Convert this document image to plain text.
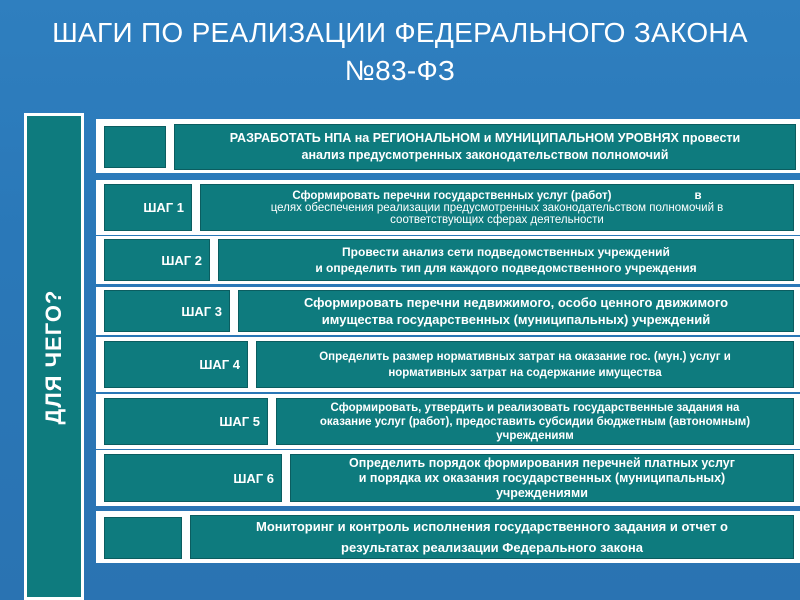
ШАГИ ПО РЕАЛИЗАЦИИ ФЕДЕРАЛЬНОГО ЗАКОНА
№83-ФЗ
ДЛЯ ЧЕГО?
РАЗРАБОТАТЬ НПА на РЕГИОНАЛЬНОМ и МУНИЦИПАЛЬНОМ УРОВНЯХ провести
анализ предусмотренных законодательством полномочий
ШАГ 1
Сформировать перечни государственных услуг (работ)                          в
целях обеспечения реализации предусмотренных законодательством полномочий в
соответствующих сферах деятельности
ШАГ 2
Провести анализ сети подведомственных учреждений
и определить тип для каждого подведомственного учреждения
ШАГ 3
Сформировать перечни недвижимого, особо ценного движимого
имущества государственных (муниципальных) учреждений
ШАГ 4
Определить размер нормативных затрат на оказание гос. (мун.) услуг и
нормативных затрат на содержание имущества
ШАГ 5
Сформировать, утвердить и реализовать государственные задания на
оказание услуг (работ), предоставить субсидии бюджетным (автономным)
учреждениям
ШАГ 6
Определить порядок формирования перечней платных услуг
и порядка их оказания государственных (муниципальных)
учреждениями
Мониторинг и контроль исполнения государственного задания и отчет о
результатах реализации Федерального закона
